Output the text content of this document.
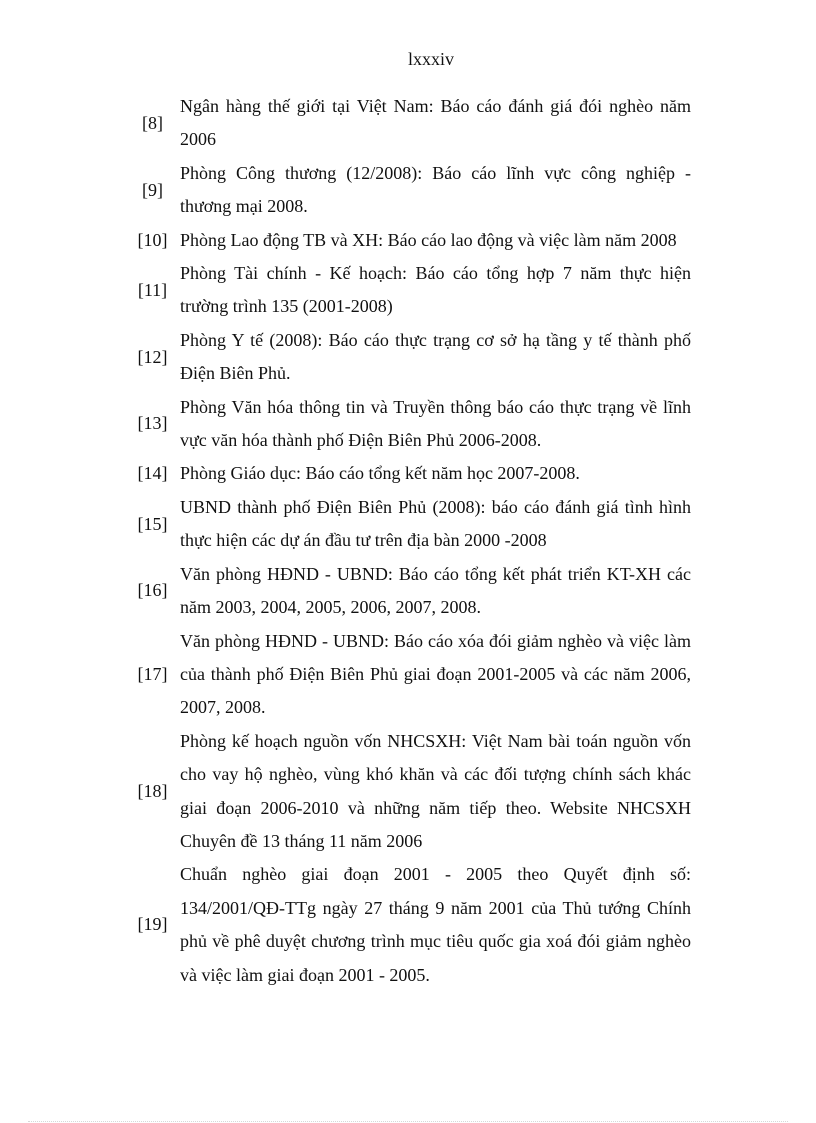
lxxxiv
[8]
Ngân hàng thế giới tại Việt Nam: Báo cáo đánh giá đói nghèo năm 2006
[9]
Phòng Công thương (12/2008): Báo cáo lĩnh vực công nghiệp - thương mại 2008.
[10] Phòng Lao động TB và XH: Báo cáo lao động và việc làm năm 2008
[11]
Phòng Tài chính - Kế hoạch: Báo cáo tổng hợp 7 năm thực hiện trường trình 135 (2001-2008)
[12]
Phòng Y tế (2008): Báo cáo thực trạng cơ sở hạ tầng y tế thành phố Điện Biên Phủ.
[13]
Phòng Văn hóa thông tin và Truyền thông báo cáo thực trạng về lĩnh vực văn hóa thành phố Điện Biên Phủ 2006-2008.
[14] Phòng Giáo dục: Báo cáo tổng kết năm học 2007-2008.
[15]
UBND thành phố Điện Biên Phủ (2008): báo cáo đánh giá tình hình thực hiện các dự án đầu tư trên địa bàn 2000 -2008
[16]
Văn phòng HĐND - UBND: Báo cáo tổng kết phát triển KT-XH các năm 2003, 2004, 2005, 2006, 2007, 2008.
[17]
Văn phòng HĐND - UBND: Báo cáo xóa đói giảm nghèo và việc làm của thành phố Điện Biên Phủ giai đoạn 2001-2005 và các năm 2006, 2007, 2008.
[18]
Phòng kế hoạch nguồn vốn NHCSXH: Việt Nam bài toán nguồn vốn cho vay hộ nghèo, vùng khó khăn và các đối tượng chính sách khác giai đoạn 2006-2010 và những năm tiếp theo. Website NHCSXH Chuyên đề 13 tháng 11 năm 2006
[19]
Chuẩn nghèo giai đoạn 2001 - 2005 theo Quyết định số: 134/2001/QĐ-TTg ngày 27 tháng 9 năm 2001 của Thủ tướng Chính phủ về phê duyệt chương trình mục tiêu quốc gia xoá đói giảm nghèo và việc làm giai đoạn 2001 - 2005.
